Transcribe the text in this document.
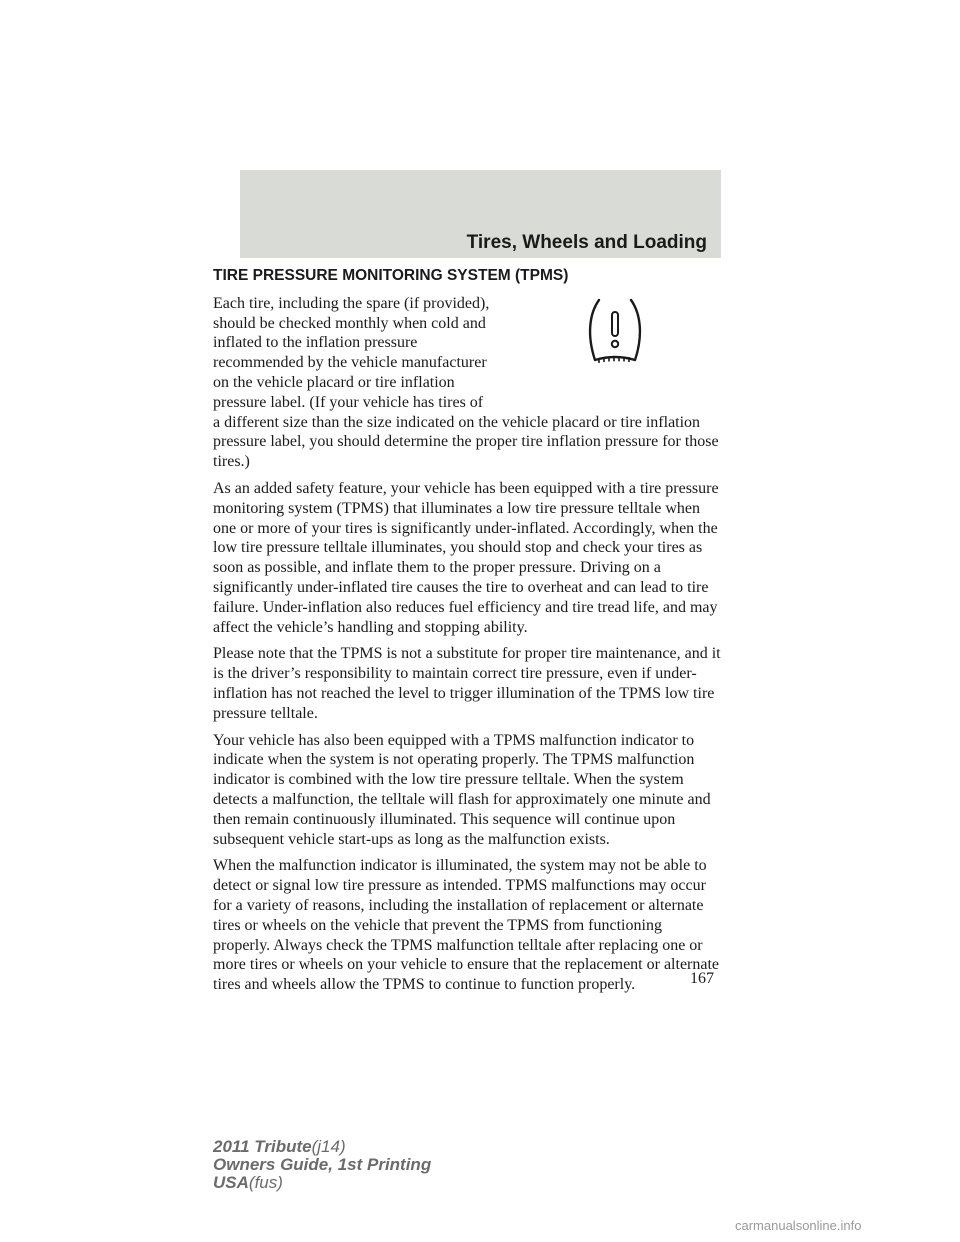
Tires, Wheels and Loading
TIRE PRESSURE MONITORING SYSTEM (TPMS)

Each tire, including the spare (if provided), should be checked monthly when cold and inflated to the inflation pressure recommended by the vehicle manufacturer on the vehicle placard or tire inflation pressure label. (If your vehicle has tires of a different size than the size indicated on the vehicle placard or tire inflation pressure label, you should determine the proper tire inflation pressure for those tires.)

As an added safety feature, your vehicle has been equipped with a tire pressure monitoring system (TPMS) that illuminates a low tire pressure telltale when one or more of your tires is significantly under-inflated. Accordingly, when the low tire pressure telltale illuminates, you should stop and check your tires as soon as possible, and inflate them to the proper pressure. Driving on a significantly under-inflated tire causes the tire to overheat and can lead to tire failure. Under-inflation also reduces fuel efficiency and tire tread life, and may affect the vehicle’s handling and stopping ability.

Please note that the TPMS is not a substitute for proper tire maintenance, and it is the driver’s responsibility to maintain correct tire pressure, even if under-inflation has not reached the level to trigger illumination of the TPMS low tire pressure telltale.

Your vehicle has also been equipped with a TPMS malfunction indicator to indicate when the system is not operating properly. The TPMS malfunction indicator is combined with the low tire pressure telltale. When the system detects a malfunction, the telltale will flash for approximately one minute and then remain continuously illuminated. This sequence will continue upon subsequent vehicle start-ups as long as the malfunction exists.

When the malfunction indicator is illuminated, the system may not be able to detect or signal low tire pressure as intended. TPMS malfunctions may occur for a variety of reasons, including the installation of replacement or alternate tires or wheels on the vehicle that prevent the TPMS from functioning properly. Always check the TPMS malfunction telltale after replacing one or more tires or wheels on your vehicle to ensure that the replacement or alternate tires and wheels allow the TPMS to continue to function properly.	167
2011 Tribute(j14)
Owners Guide, 1st Printing
USA(fus)
carmanualsonline.info
